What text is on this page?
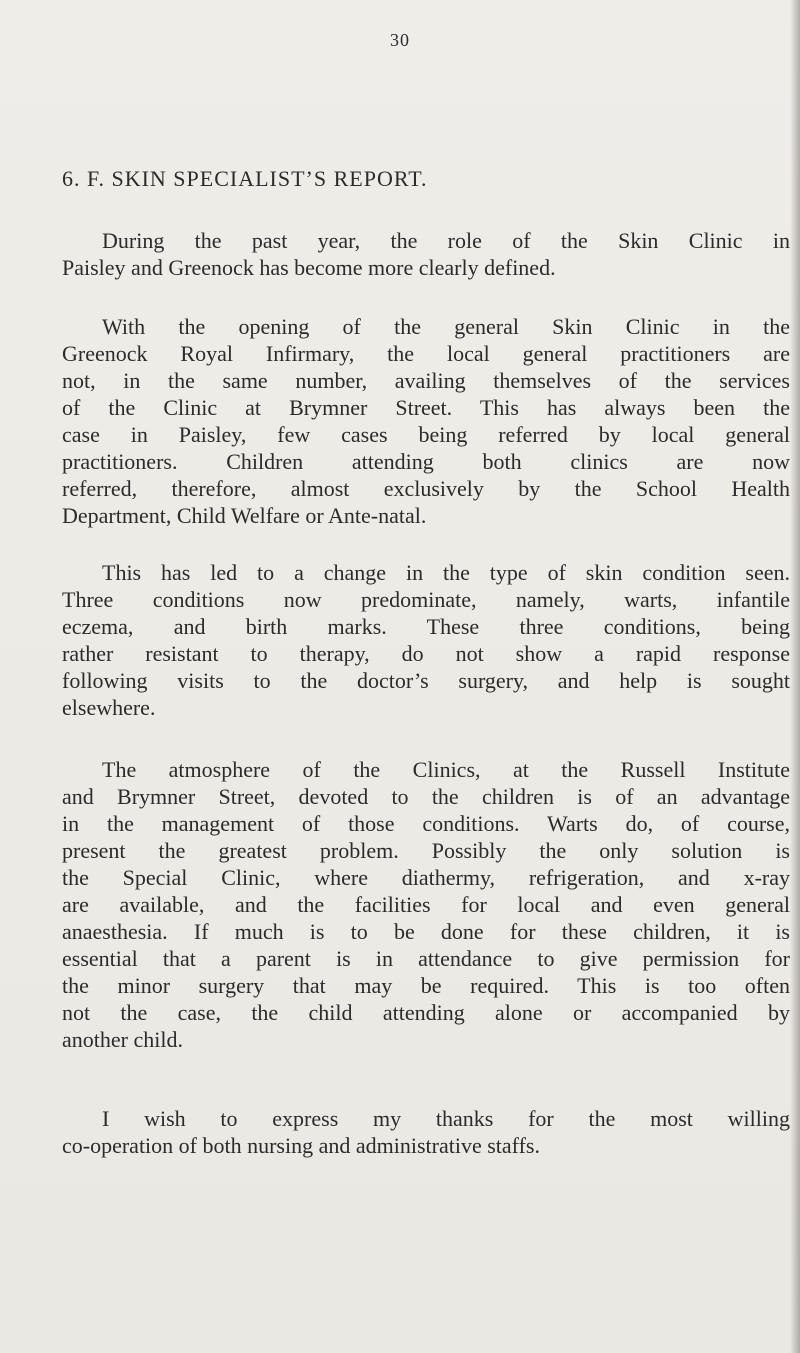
30
6. F. SKIN SPECIALIST’S REPORT.

During the past year, the role of the Skin Clinic in
Paisley and Greenock has become more clearly defined.

With the opening of the general Skin Clinic in the
Greenock Royal Infirmary, the local general practitioners are
not, in the same number, availing themselves of the services
of the Clinic at Brymner Street. This has always been the
case in Paisley, few cases being referred by local general
practitioners. Children attending both clinics are now
referred, therefore, almost exclusively by the School Health
Department, Child Welfare or Ante-natal.

This has led to a change in the type of skin condition seen.
Three conditions now predominate, namely, warts, infantile
eczema, and birth marks. These three conditions, being
rather resistant to therapy, do not show a rapid response
following visits to the doctor’s surgery, and help is sought
elsewhere.

The atmosphere of the Clinics, at the Russell Institute
and Brymner Street, devoted to the children is of an advantage
in the management of those conditions. Warts do, of course,
present the greatest problem. Possibly the only solution is
the Special Clinic, where diathermy, refrigeration, and x-ray
are available, and the facilities for local and even general
anaesthesia. If much is to be done for these children, it is
essential that a parent is in attendance to give permission for
the minor surgery that may be required. This is too often
not the case, the child attending alone or accompanied by
another child.

I wish to express my thanks for the most willing
co-operation of both nursing and administrative staffs.
